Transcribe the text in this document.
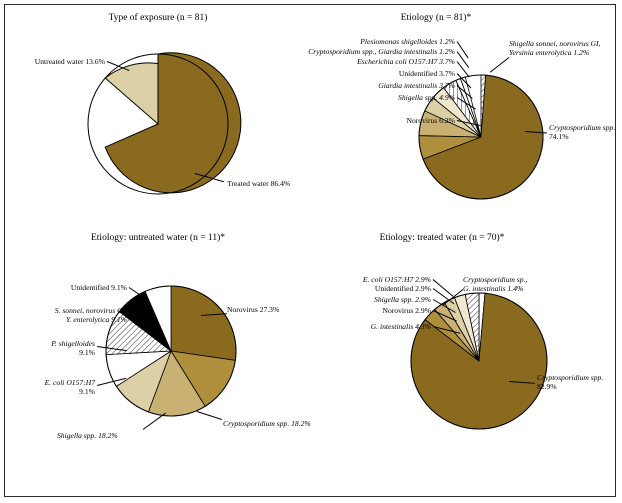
Type of exposure (n = 81)
Untreated water 13.6%
Treated water 86.4%
Etiology (n = 81)*
Plesiomonas shigelloides 1.2%
Cryptosporidium spp., Giardia intestinalis 1.2%
Escherichia coli O157:H7 3.7%
Unidentified 3.7%
Giardia intestinalis 3.7%
Shigella spp. 4.9%
Norovirus 6.2%
Shigella sonnei, norovirus GI,
Yersinia enterolytica 1.2%
Cryptosporidium spp.
74.1%
Etiology: untreated water (n = 11)*
Unidentified 9.1%
S. sonnei, norovirus GI,
Y. enterolytica 9.1%
P. shigelloides
9.1%
E. coli O157:H7
9.1%
Shigella spp. 18.2%
Cryptosporidium spp. 18.2%
Norovirus 27.3%
Etiology: treated water (n = 70)*
E. coli O157:H7 2.9%
Unidentified 2.9%
Shigella spp. 2.9%
Norovirus 2.9%
G. intestinalis 4.3%
Cryptosporidium sp.,
G. intestinalis 1.4%
Cryptosporidium spp.
82.9%
